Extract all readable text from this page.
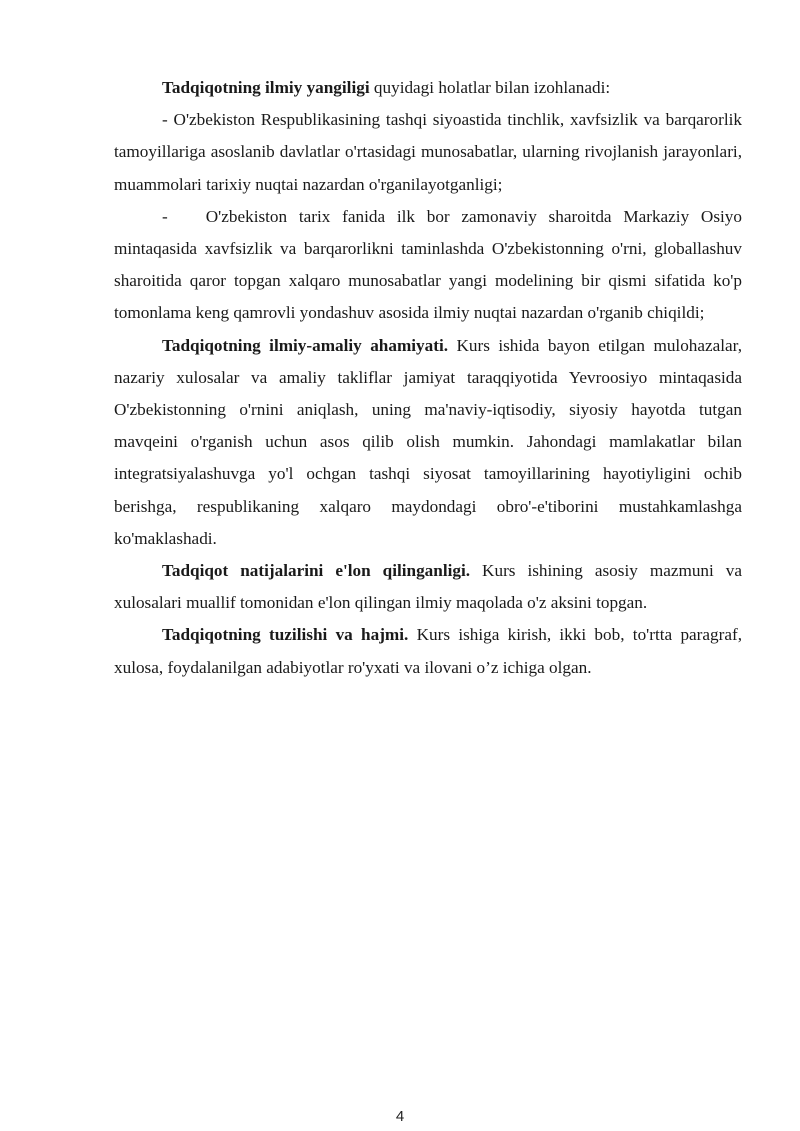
Tadqiqotning ilmiy yangiligi quyidagi holatlar bilan izohlanadi:

- O'zbekiston Respublikasining tashqi siyoastida tinchlik, xavfsizlik va barqarorlik tamoyillariga asoslanib davlatlar o'rtasidagi munosabatlar, ularning rivojlanish jarayonlari, muammolari tarixiy nuqtai nazardan o'rganilayotganligi;

- O'zbekiston tarix fanida ilk bor zamonaviy sharoitda Markaziy Osiyo mintaqasida xavfsizlik va barqarorlikni taminlashda O'zbekistonning o'rni, globallashuv sharoitida qaror topgan xalqaro munosabatlar yangi modelining bir qismi sifatida ko'p tomonlama keng qamrovli yondashuv asosida ilmiy nuqtai nazardan o'rganib chiqildi;

Tadqiqotning ilmiy-amaliy ahamiyati. Kurs ishida bayon etilgan mulohazalar, nazariy xulosalar va amaliy takliflar jamiyat taraqqiyotida Yevroosiyo mintaqasida O'zbekistonning o'rnini aniqlash, uning ma'naviy-iqtisodiy, siyosiy hayotda tutgan mavqeini o'rganish uchun asos qilib olish mumkin. Jahondagi mamlakatlar bilan integratsiyalashuvga yo'l ochgan tashqi siyosat tamoyillarining hayotiyligini ochib berishga, respublikaning xalqaro maydondagi obro'-e'tiborini mustahkamlashga ko'maklashadi.

Tadqiqot natijalarini e'lon qilinganligi. Kurs ishining asosiy mazmuni va xulosalari muallif tomonidan e'lon qilingan ilmiy maqolada o'z aksini topgan.

Tadqiqotning tuzilishi va hajmi. Kurs ishiga kirish, ikki bob, to'rtta paragraf, xulosa, foydalanilgan adabiyotlar ro'yxati va ilovani o’z ichiga olgan.

4
